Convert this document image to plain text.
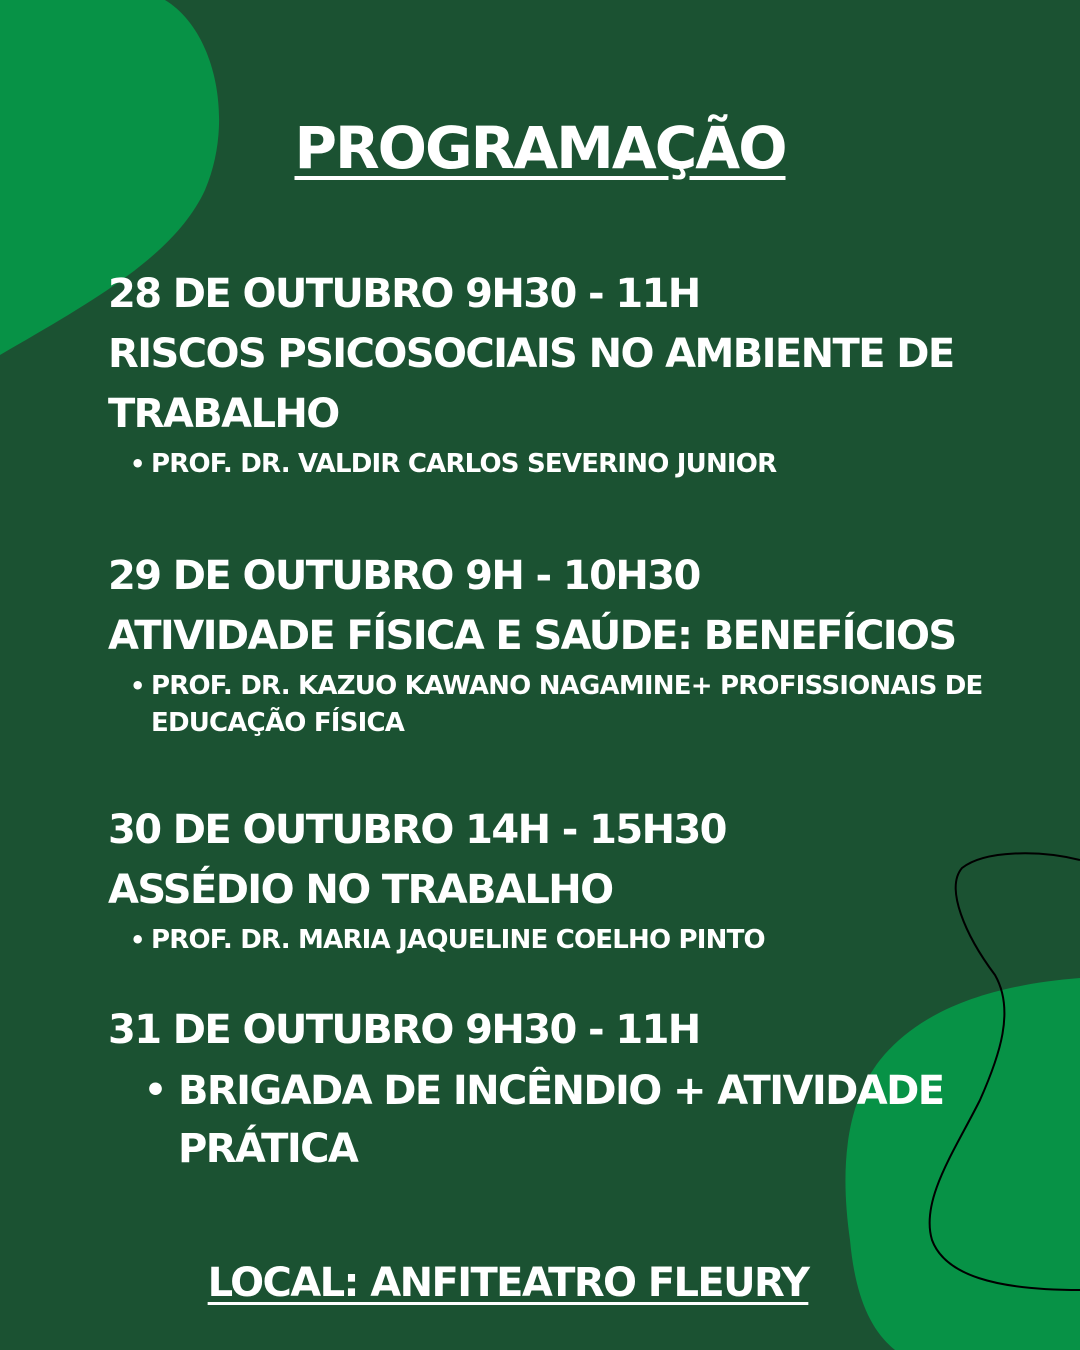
PROGRAMAÇÃO
28 DE OUTUBRO 9H30 - 11H
RISCOS PSICOSOCIAIS NO AMBIENTE DE TRABALHO
• PROF. DR. VALDIR CARLOS SEVERINO JUNIOR
29 DE OUTUBRO 9H - 10H30
ATIVIDADE FÍSICA E SAÚDE: BENEFÍCIOS
• PROF. DR. KAZUO KAWANO NAGAMINE+ PROFISSIONAIS DE EDUCAÇÃO FÍSICA
30 DE OUTUBRO 14H - 15H30
ASSÉDIO NO TRABALHO
• PROF. DR. MARIA JAQUELINE COELHO PINTO
31 DE OUTUBRO 9H30 - 11H
• BRIGADA DE INCÊNDIO + ATIVIDADE PRÁTICA
LOCAL: ANFITEATRO FLEURY
